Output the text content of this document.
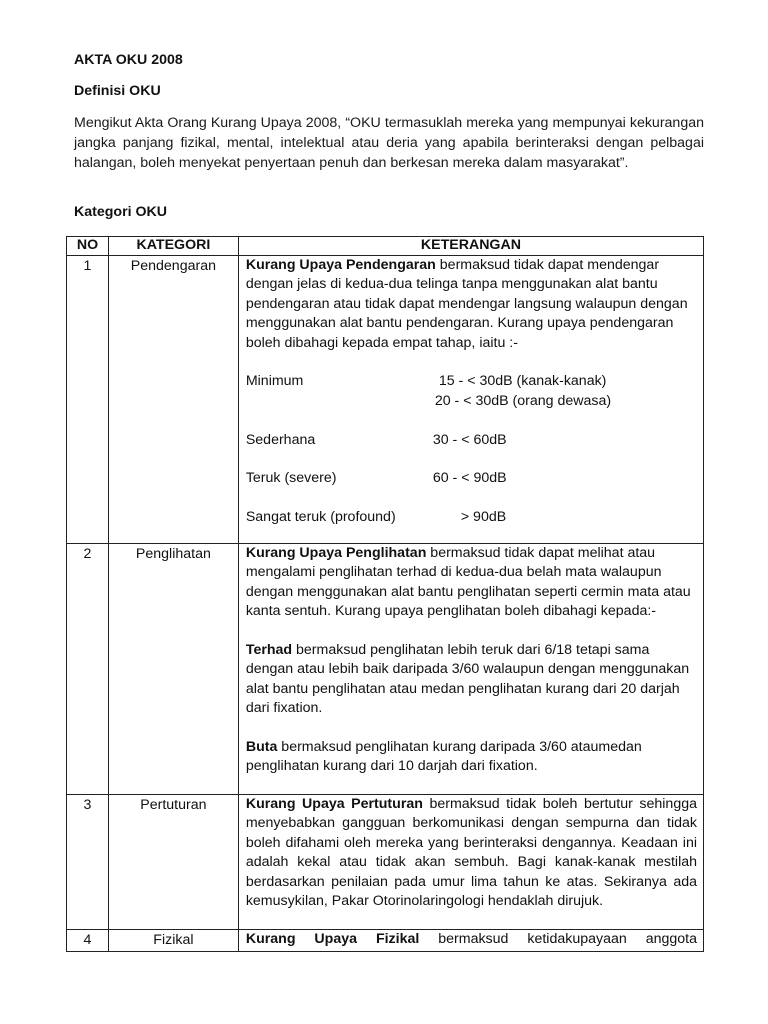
AKTA OKU 2008
Definisi OKU
Mengikut Akta Orang Kurang Upaya 2008, “OKU termasuklah mereka yang mempunyai kekurangan jangka panjang fizikal, mental, intelektual atau deria yang apabila berinteraksi dengan pelbagai halangan, boleh menyekat penyertaan penuh dan berkesan mereka dalam masyarakat”.
Kategori OKU
NO	KATEGORI	KETERANGAN
1	Pendengaran	Kurang Upaya Pendengaran bermaksud tidak dapat mendengar dengan jelas di kedua-dua telinga tanpa menggunakan alat bantu pendengaran atau tidak dapat mendengar langsung walaupun dengan menggunakan alat bantu pendengaran. Kurang upaya pendengaran boleh dibahagi kepada empat tahap, iaitu :-
Minimum	15 - < 30dB (kanak-kanak)
20 - < 30dB (orang dewasa)
Sederhana	30 - < 60dB
Teruk (severe)	60 - < 90dB
Sangat teruk (profound)	> 90dB

2	Penglihatan	Kurang Upaya Penglihatan bermaksud tidak dapat melihat atau mengalami penglihatan terhad di kedua-dua belah mata walaupun dengan menggunakan alat bantu penglihatan seperti cermin mata atau kanta sentuh. Kurang upaya penglihatan boleh dibahagi kepada:-
Terhad bermaksud penglihatan lebih teruk dari 6/18 tetapi sama dengan atau lebih baik daripada 3/60 walaupun dengan menggunakan alat bantu penglihatan atau medan penglihatan kurang dari 20 darjah dari fixation.
Buta bermaksud penglihatan kurang daripada 3/60 ataumedan penglihatan kurang dari 10 darjah dari fixation.

3	Pertuturan	Kurang Upaya Pertuturan bermaksud tidak boleh bertutur sehingga menyebabkan gangguan berkomunikasi dengan sempurna dan tidak boleh difahami oleh mereka yang berinteraksi dengannya. Keadaan ini adalah kekal atau tidak akan sembuh. Bagi kanak-kanak mestilah berdasarkan penilaian pada umur lima tahun ke atas. Sekiranya ada kemusykilan, Pakar Otorinolaringologi hendaklah dirujuk.
4	Fizikal	Kurang Upaya Fizikal bermaksud ketidakupayaan anggota
